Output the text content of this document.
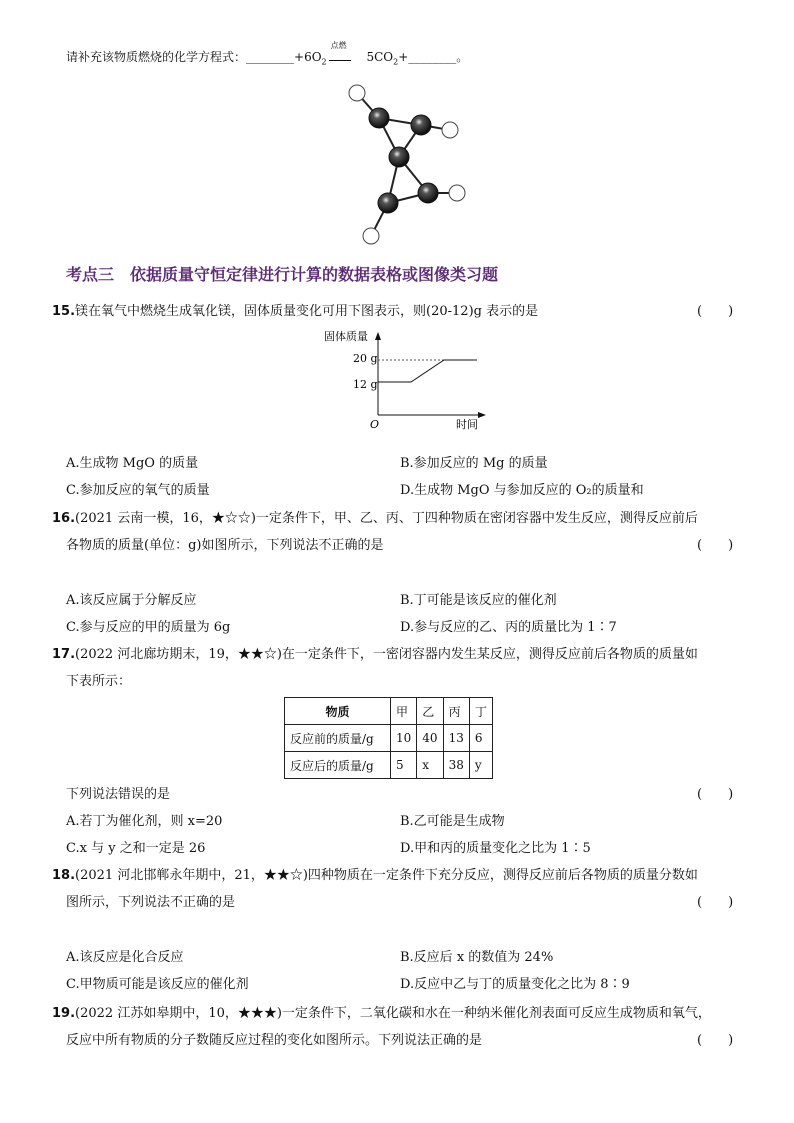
请补充该物质燃烧的化学方程式：$\_\_\_\_\_\_\_\_+6O_2$
点燃
$5CO_2+\_\_\_\_\_\_\_\_$。
考点三　依据质量守恒定律进行计算的数据表格或图像类习题
15.镁在氧气中燃烧生成氧化镁，固体质量变化可用下图表示，则(20-12)g 表示的是	(　　)
固体质量
20 g
12 g
O	时间
A.生成物 MgO 的质量	B.参加反应的 Mg 的质量
C.参加反应的氧气的质量	D.生成物 MgO 与参加反应的 O₂的质量和
16.(2021 云南一模，16，★☆☆)一定条件下，甲、乙、丙、丁四种物质在密闭容器中发生反应，测得反应前后
各物质的质量(单位：g)如图所示，下列说法不正确的是	(　　)
A.该反应属于分解反应	B.丁可能是该反应的催化剂
C.参与反应的甲的质量为 6g	D.参与反应的乙、丙的质量比为 1∶7
17.(2022 河北廊坊期末，19，★★☆)在一定条件下，一密闭容器内发生某反应，测得反应前后各物质的质量如
下表所示：
物质	甲	乙	丙	丁
反应前的质量/g	10	40	13	6
反应后的质量/g	5	x	38	y
下列说法错误的是	(　　)
A.若丁为催化剂，则 x=20	B.乙可能是生成物
C.x 与 y 之和一定是 26	D.甲和丙的质量变化之比为 1∶5
18.(2021 河北邯郸永年期中，21，★★☆)四种物质在一定条件下充分反应，测得反应前后各物质的质量分数如
图所示，下列说法不正确的是	(　　)
A.该反应是化合反应	B.反应后 x 的数值为 24%
C.甲物质可能是该反应的催化剂	D.反应中乙与丁的质量变化之比为 8∶9
19.(2022 江苏如皋期中，10，★★★)一定条件下，二氧化碳和水在一种纳米催化剂表面可反应生成物质和氧气，
反应中所有物质的分子数随反应过程的变化如图所示。下列说法正确的是	(　　)
